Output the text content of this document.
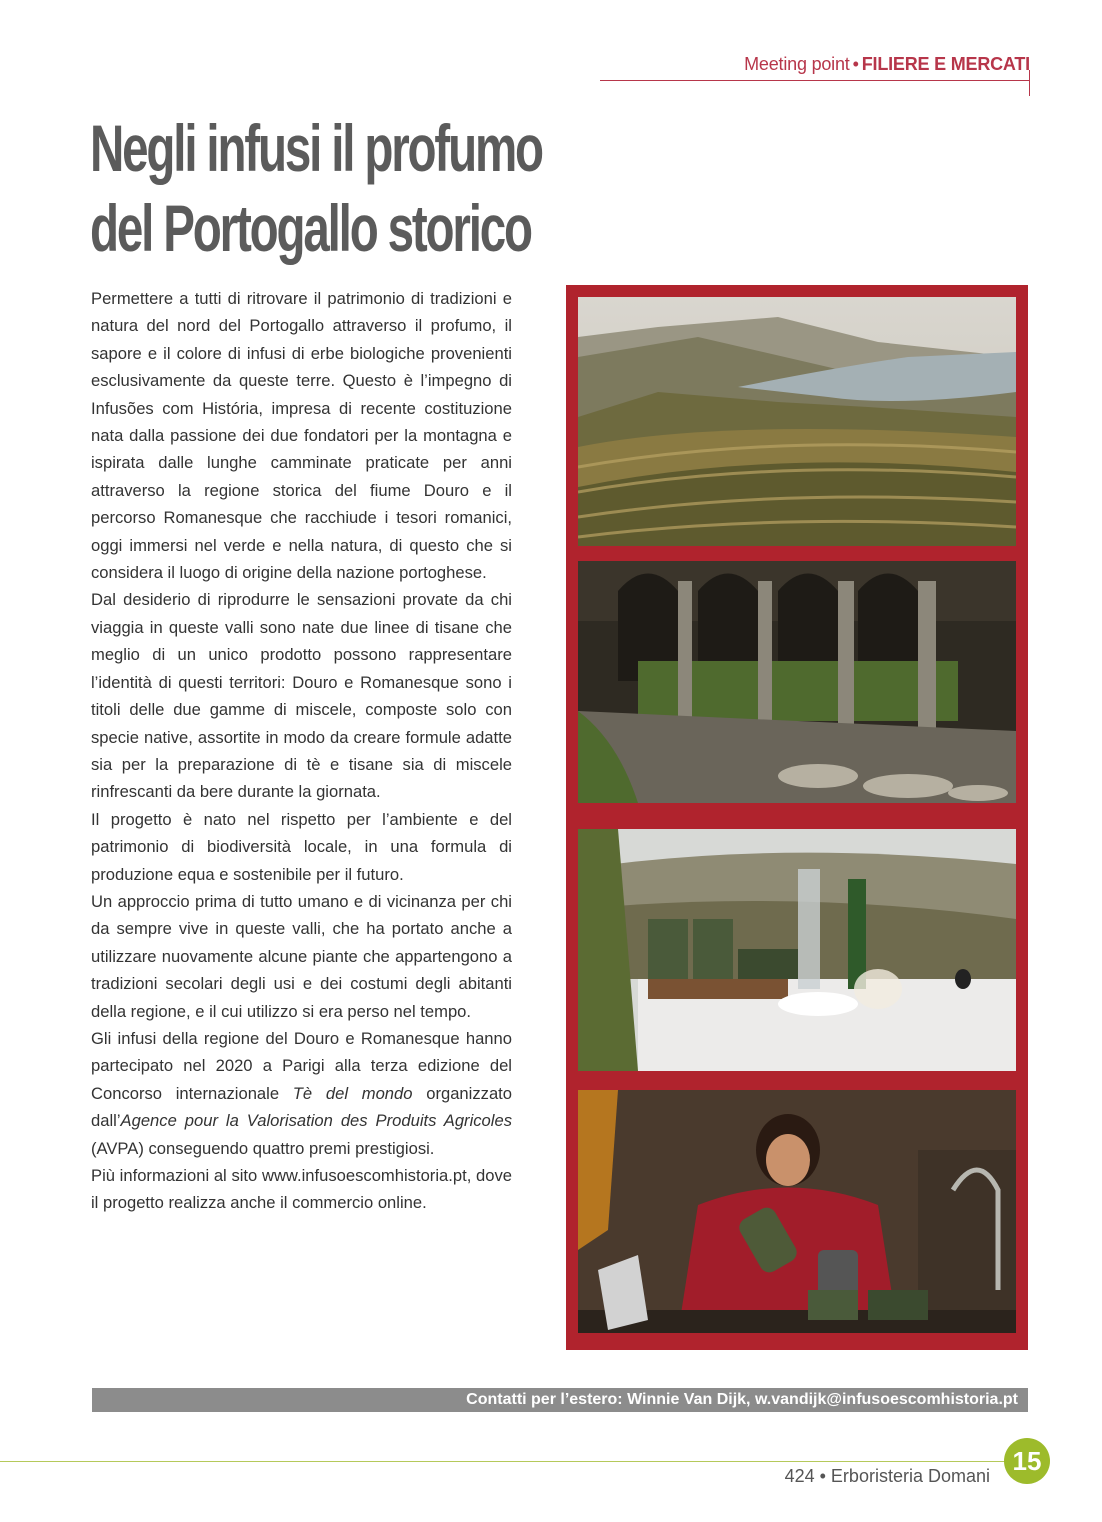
Meeting point • FILIERE E MERCATI
Negli infusi il profumo
del Portogallo storico

Permettere a tutti di ritrovare il patrimonio di tradizioni e natura del nord del Portogallo attraverso il profumo, il sapore e il colore di infusi di erbe biologiche provenienti esclusivamente da queste terre. Questo è l’impegno di Infusões com História, impresa di recente costituzione nata dalla passione dei due fondatori per la montagna e ispirata dalle lunghe camminate praticate per anni attraverso la regione storica del fiume Douro e il percorso Romanesque che racchiude i tesori romanici, oggi immersi nel verde e nella natura, di questo che si considera il luogo di origine della nazione portoghese.

Dal desiderio di riprodurre le sensazioni provate da chi viaggia in queste valli sono nate due linee di tisane che meglio di un unico prodotto possono rappresentare l’identità di questi territori: Douro e Romanesque sono i titoli delle due gamme di miscele, composte solo con specie native, assortite in modo da creare formule adatte sia per la preparazione di tè e tisane sia di miscele rinfrescanti da bere durante la giornata.

Il progetto è nato nel rispetto per l’ambiente e del patrimonio di biodiversità locale, in una formula di produzione equa e sostenibile per il futuro.

Un approccio prima di tutto umano e di vicinanza per chi da sempre vive in queste valli, che ha portato anche a utilizzare nuovamente alcune piante che appartengono a tradizioni secolari degli usi e dei costumi degli abitanti della regione, e il cui utilizzo si era perso nel tempo.

Gli infusi della regione del Douro e Romanesque hanno partecipato nel 2020 a Parigi alla terza edizione del Concorso internazionale Tè del mondo organizzato dall’Agence pour la Valorisation des Produits Agricoles (AVPA) conseguendo quattro premi prestigiosi.

Più informazioni al sito www.infusoescomhistoria.pt, dove il progetto realizza anche il commercio online.

Contatti per l’estero: Winnie Van Dijk, w.vandijk@infusoescomhistoria.pt
424 • Erboristeria Domani 15
